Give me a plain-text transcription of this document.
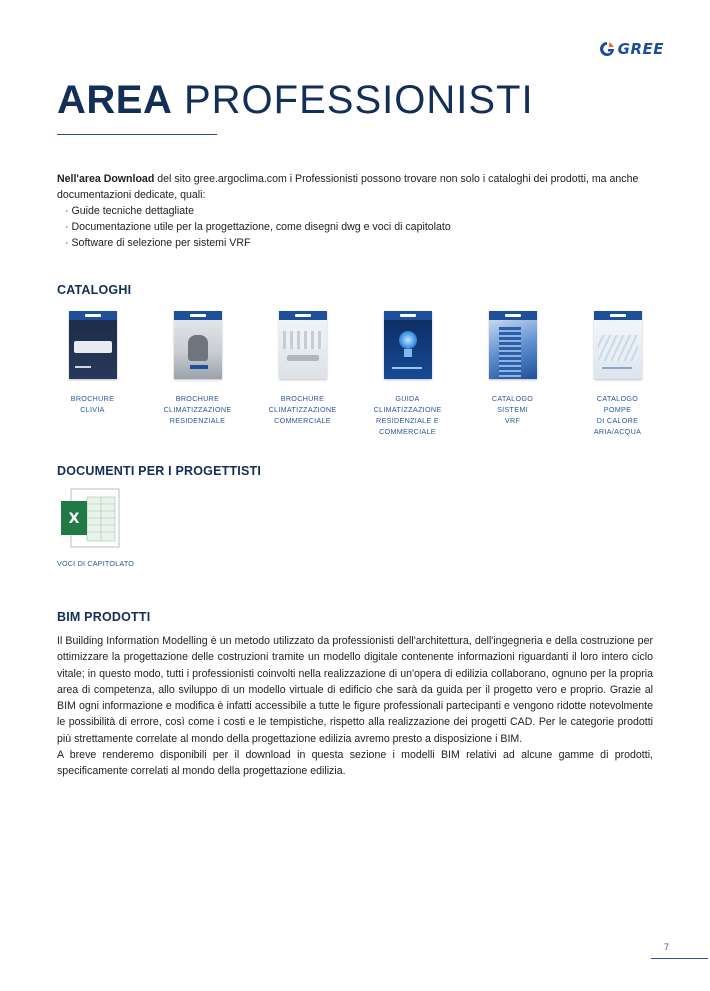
GREE
AREA PROFESSIONISTI

Nell'area Download del sito gree.argoclima.com i Professionisti possono trovare non solo i cataloghi dei prodotti, ma anche documentazioni dedicate, quali:

· Guide tecniche dettagliate
· Documentazione utile per la progettazione, come disegni dwg e voci di capitolato
· Software di selezione per sistemi VRF
CATALOGHI
BROCHURE
CLIVIA
BROCHURE
CLIMATIZZAZIONE
RESIDENZIALE
BROCHURE
CLIMATIZZAZIONE
COMMERCIALE
GUIDA
CLIMATIZZAZIONE
RESIDENZIALE E
COMMERCIALE
CATALOGO
SISTEMI
VRF
CATALOGO
POMPE
DI CALORE
ARIA/ACQUA
DOCUMENTI PER I PROGETTISTI
X
VOCI DI CAPITOLATO
BIM PRODOTTI

Il Building Information Modelling è un metodo utilizzato da professionisti dell'architettura, dell'ingegneria e della costruzione per ottimizzare la progettazione delle costruzioni tramite un modello digitale contenente informazioni riguardanti il loro intero ciclo vitale; in questo modo, tutti i professionisti coinvolti nella realizzazione di un'opera di edilizia collaborano, ognuno per la propria area di competenza, allo sviluppo di un modello virtuale di edificio che sarà da guida per il progetto vero e proprio. Grazie al BIM ogni informazione e modifica è infatti accessibile a tutte le figure professionali partecipanti e vengono ridotte notevolmente le possibilità di errore, così come i costi e le tempistiche, rispetto alla realizzazione dei progetti CAD. Per le categorie prodotti più strettamente correlate al mondo della progettazione edilizia avremo presto a disposizione i BIM.

A breve renderemo disponibili per il download in questa sezione i modelli BIM relativi ad alcune gamme di prodotti, specificamente correlati al mondo della progettazione edilizia.

7
